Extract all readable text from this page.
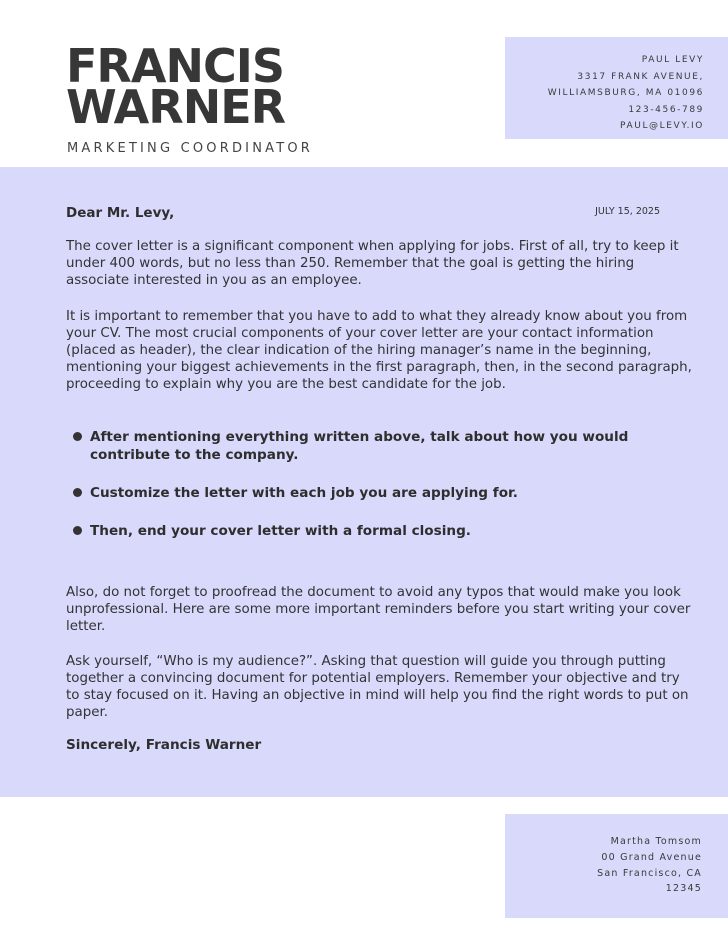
PAUL LEVY
3317 FRANK AVENUE,
WILLIAMSBURG, MA 01096
123-456-789
PAUL@LEVY.IO
FRANCIS
WARNER
MARKETING COORDINATOR
Dear Mr. Levy,	JULY 15, 2025

The cover letter is a significant component when applying for jobs. First of all, try to keep it under 400 words, but no less than 250. Remember that the goal is getting the hiring associate interested in you as an employee.

It is important to remember that you have to add to what they already know about you from your CV. The most crucial components of your cover letter are your contact information (placed as header), the clear indication of the hiring manager’s name in the beginning, mentioning your biggest achievements in the first paragraph, then, in the second paragraph, proceeding to explain why you are the best candidate for the job.

After mentioning everything written above, talk about how you would contribute to the company.
Customize the letter with each job you are applying for.
Then, end your cover letter with a formal closing.

Also, do not forget to proofread the document to avoid any typos that would make you look unprofessional. Here are some more important reminders before you start writing your cover letter.

Ask yourself, “Who is my audience?”. Asking that question will guide you through putting together a convincing document for potential employers. Remember your objective and try to stay focused on it. Having an objective in mind will help you find the right words to put on paper.

Sincerely, Francis Warner
Martha Tomsom
00 Grand Avenue
San Francisco, CA
12345
